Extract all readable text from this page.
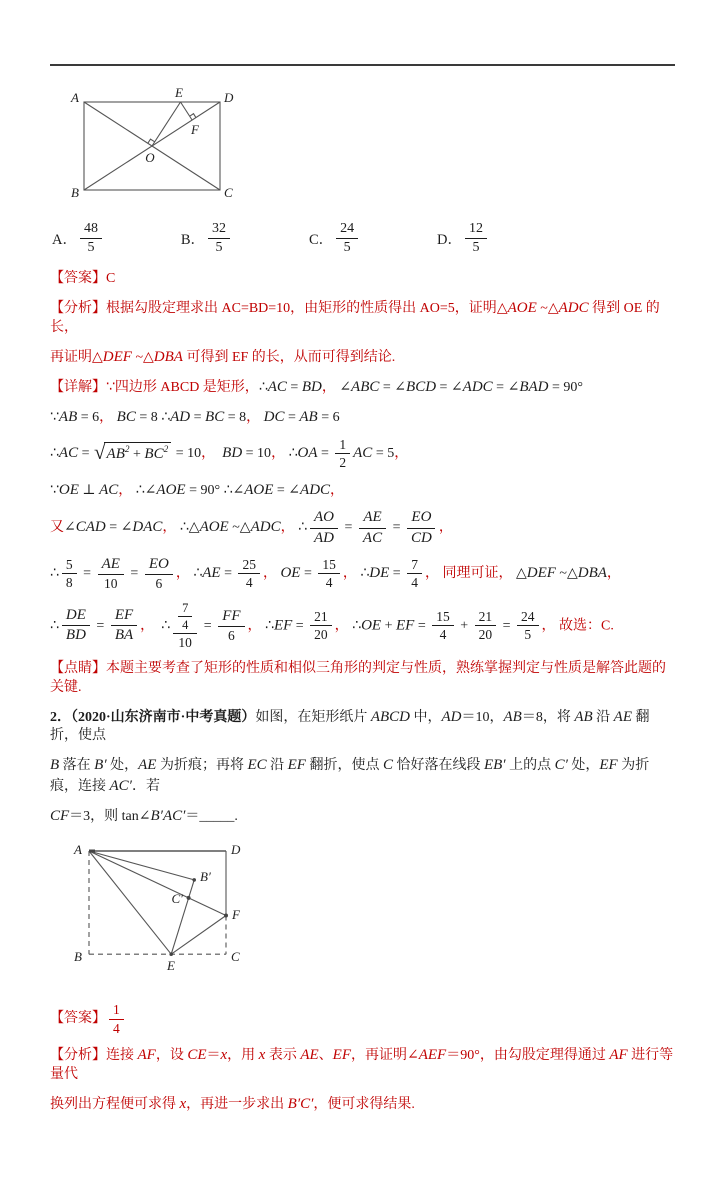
A	E	D
F
O
B	C
A． $\frac{48}{5}$	B． $\frac{32}{5}$	C． $\frac{24}{5}$	D． $\frac{12}{5}$
【答案】C
【分析】根据勾股定理求出 AC=BD=10，由矩形的性质得出 AO=5，证明△AOE ~△ADC 得到 OE 的长，
再证明△DEF ~△DBA 可得到 EF 的长，从而可得到结论.
【详解】∵四边形 ABCD 是矩形，∴AC = BD， ∠ABC = ∠BCD = ∠ADC = ∠BAD = 90°
∵AB = 6， BC = 8 ∴AD = BC = 8， DC = AB = 6
∴AC = √ $AB^2 + BC^2 = 10$， BD = 10， ∴OA = $\frac{1}{2}$ AC = 5，
∵OE ⊥ AC， ∴∠AOE = 90° ∴∠AOE = ∠ADC，
又∠CAD = ∠DAC， ∴△AOE ~△ADC， ∴ $\frac{AO}{AD} = \frac{AE}{AC} = \frac{EO}{CD}$ ，
∴ $\frac{5}{8} = \frac{AE}{10} = \frac{EO}{6}$ ， ∴AE = $\frac{25}{4}$ ， OE = $\frac{15}{4}$ ， ∴DE = $\frac{7}{4}$ ， 同理可证， △DEF ~△DBA，
∴ $\frac{DE}{BD} = \frac{EF}{BA}$ ，  ∴ $\frac{\frac{7}{4}}{10} = \frac{FF}{6}$ ， ∴EF = $\frac{21}{20}$ ， ∴OE + EF = $\frac{15}{4} + \frac{21}{20} = \frac{24}{5}$ ， 故选：C.
【点睛】本题主要考查了矩形的性质和相似三角形的判定与性质，熟练掌握判定与性质是解答此题的关键.
2．（2020·山东济南市·中考真题）如图，在矩形纸片 ABCD 中，AD＝10，AB＝8，将 AB 沿 AE 翻折，使点
B 落在 B′ 处，AE 为折痕；再将 EC 沿 EF 翻折，使点 C 恰好落在线段 EB′ 上的点 C′ 处，EF 为折痕，连接 AC′．若
CF＝3，则 tan∠B′AC′＝_____.
A	D
B	C
E
F
B′
C′
【答案】 $\frac{1}{4}$
【分析】连接 AF，设 CE＝x，用 x 表示 AE、EF，再证明∠AEF＝90°，由勾股定理得通过 AF 进行等量代
换列出方程便可求得 x，再进一步求出 B′C′，便可求得结果.
